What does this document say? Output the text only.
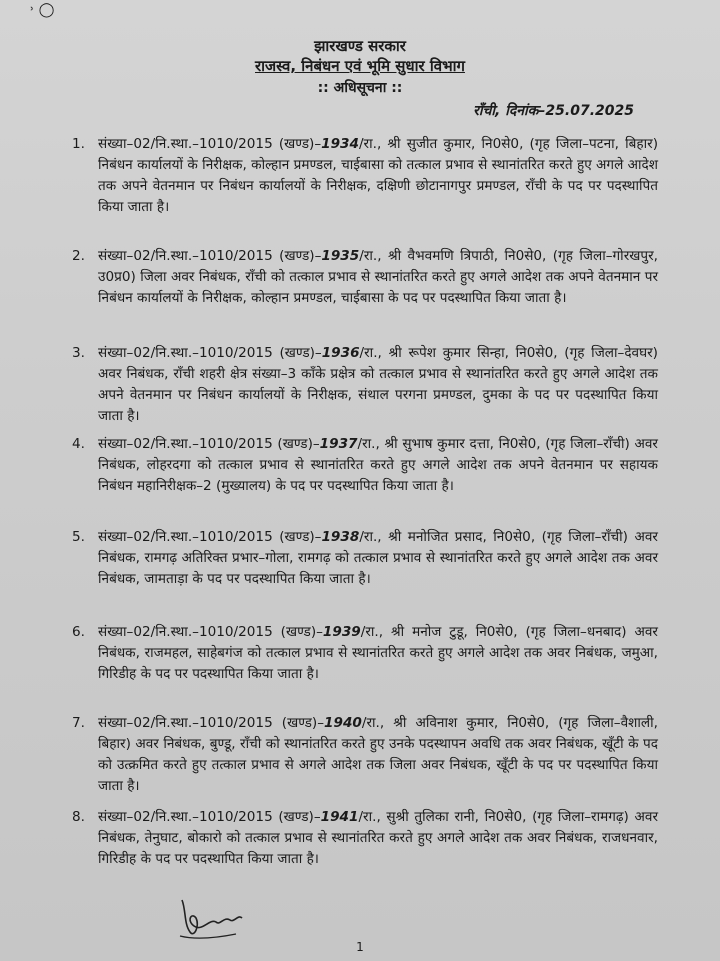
˒ ◯
झारखण्ड सरकार
राजस्व, निबंधन एवं भूमि सुधार विभाग
:: अधिसूचना ::
राँची, दिनांक–25.07.2025
1. संख्या–02/नि.स्था.–1010/2015 (खण्ड)–1934/रा., श्री सुजीत कुमार, नि0से0, (गृह जिला–पटना, बिहार) निबंधन कार्यालयों के निरीक्षक, कोल्हान प्रमण्डल, चाईबासा को तत्काल प्रभाव से स्थानांतरित करते हुए अगले आदेश तक अपने वेतनमान पर निबंधन कार्यालयों के निरीक्षक, दक्षिणी छोटानागपुर प्रमण्डल, राँची के पद पर पदस्थापित किया जाता है।
2. संख्या–02/नि.स्था.–1010/2015 (खण्ड)–1935/रा., श्री वैभवमणि त्रिपाठी, नि0से0, (गृह जिला–गोरखपुर, उ0प्र0) जिला अवर निबंधक, राँची को तत्काल प्रभाव से स्थानांतरित करते हुए अगले आदेश तक अपने वेतनमान पर निबंधन कार्यालयों के निरीक्षक, कोल्हान प्रमण्डल, चाईबासा के पद पर पदस्थापित किया जाता है।
3. संख्या–02/नि.स्था.–1010/2015 (खण्ड)–1936/रा., श्री रूपेश कुमार सिन्हा, नि0से0, (गृह जिला–देवघर) अवर निबंधक, राँची शहरी क्षेत्र संख्या–3 काँके प्रक्षेत्र को तत्काल प्रभाव से स्थानांतरित करते हुए अगले आदेश तक अपने वेतनमान पर निबंधन कार्यालयों के निरीक्षक, संथाल परगना प्रमण्डल, दुमका के पद पर पदस्थापित किया जाता है।
4. संख्या–02/नि.स्था.–1010/2015 (खण्ड)–1937/रा., श्री सुभाष कुमार दत्ता, नि0से0, (गृह जिला–राँची) अवर निबंधक, लोहरदगा को तत्काल प्रभाव से स्थानांतरित करते हुए अगले आदेश तक अपने वेतनमान पर सहायक निबंधन महानिरीक्षक–2 (मुख्यालय) के पद पर पदस्थापित किया जाता है।
5. संख्या–02/नि.स्था.–1010/2015 (खण्ड)–1938/रा., श्री मनोजित प्रसाद, नि0से0, (गृह जिला–राँची) अवर निबंधक, रामगढ़ अतिरिक्त प्रभार–गोला, रामगढ़ को तत्काल प्रभाव से स्थानांतरित करते हुए अगले आदेश तक अवर निबंधक, जामताड़ा के पद पर पदस्थापित किया जाता है।
6. संख्या–02/नि.स्था.–1010/2015 (खण्ड)–1939/रा., श्री मनोज टुडू, नि0से0, (गृह जिला–धनबाद) अवर निबंधक, राजमहल, साहेबगंज को तत्काल प्रभाव से स्थानांतरित करते हुए अगले आदेश तक अवर निबंधक, जमुआ, गिरिडीह के पद पर पदस्थापित किया जाता है।
7. संख्या–02/नि.स्था.–1010/2015 (खण्ड)–1940/रा., श्री अविनाश कुमार, नि0से0, (गृह जिला–वैशाली, बिहार) अवर निबंधक, बुण्डू, राँची को स्थानांतरित करते हुए उनके पदस्थापन अवधि तक अवर निबंधक, खूँटी के पद को उत्क्रमित करते हुए तत्काल प्रभाव से अगले आदेश तक जिला अवर निबंधक, खूँटी के पद पर पदस्थापित किया जाता है।
8. संख्या–02/नि.स्था.–1010/2015 (खण्ड)–1941/रा., सुश्री तुलिका रानी, नि0से0, (गृह जिला–रामगढ़) अवर निबंधक, तेनुघाट, बोकारो को तत्काल प्रभाव से स्थानांतरित करते हुए अगले आदेश तक अवर निबंधक, राजधनवार, गिरिडीह के पद पर पदस्थापित किया जाता है।
1
